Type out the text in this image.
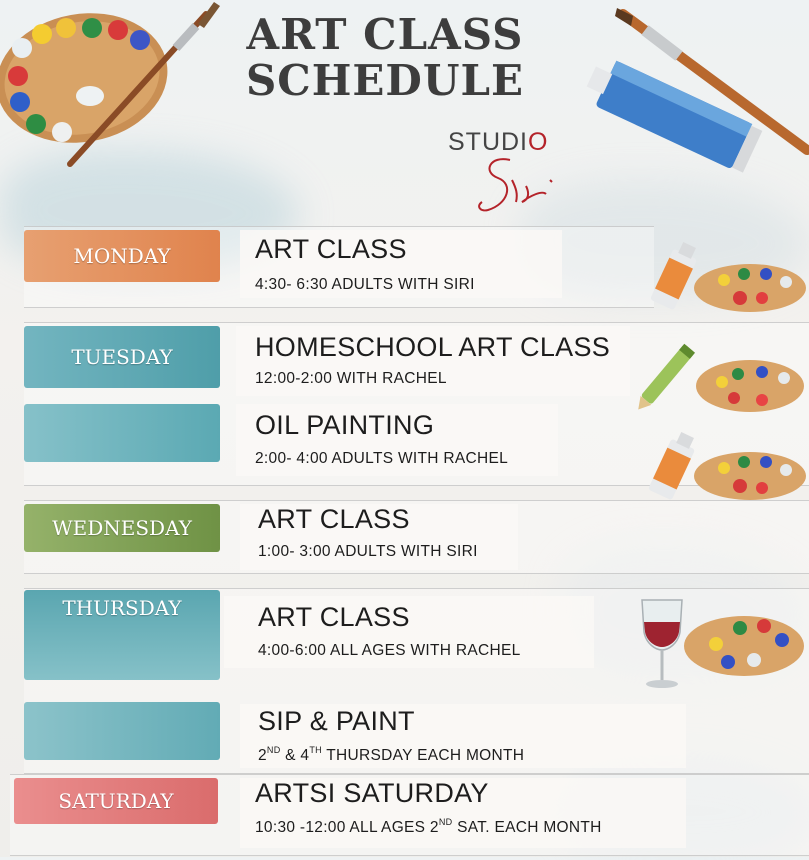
ART CLASS
SCHEDULE
STUDIO
MONDAY	ART CLASS
4:30- 6:30 ADULTS WITH SIRI
TUESDAY	HOMESCHOOL ART CLASS
12:00-2:00 WITH RACHEL
OIL PAINTING
2:00- 4:00 ADULTS WITH RACHEL
WEDNESDAY	ART CLASS
1:00- 3:00 ADULTS WITH SIRI
THURSDAY	ART CLASS
4:00-6:00 ALL AGES WITH RACHEL
SIP & PAINT
2ND & 4TH THURSDAY EACH MONTH
SATURDAY	ARTSI SATURDAY
10:30 -12:00 ALL AGES 2ND SAT. EACH MONTH
